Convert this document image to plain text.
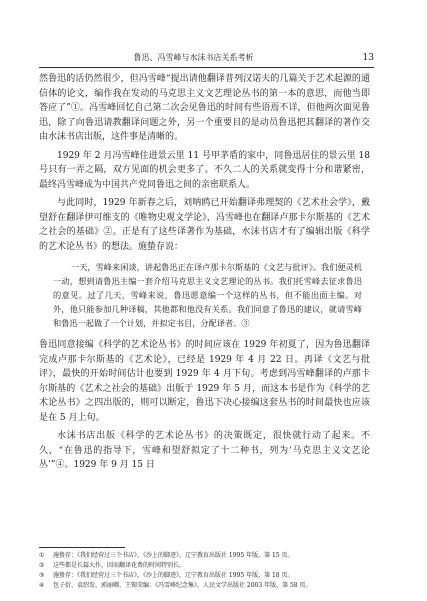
鲁迅、冯雪峰与水沫书店关系考析	13

然鲁迅的话仍然很少，但冯雪峰“提出请他翻译普列汉诺夫的几篇关于艺术起源的通信体的论文，编作我在发动的马克思主义文艺理论丛书的第一本的意思，而他当即答应了”①。冯雪峰回忆自己第二次会见鲁迅的时间有些语焉不详，但他两次面见鲁迅，除了向鲁迅请教翻译问题之外，另一个重要目的是动员鲁迅把其翻译的著作交由水沫书店出版，这件事是清晰的。

1929 年 2 月冯雪峰住进景云里 11 号甲茅盾的家中，同鲁迅居住的景云里 18 号只有一弄之隔，双方见面的机会更多了。不久二人的关系就变得十分和谐紧密，最终冯雪峰成为中国共产党同鲁迅之间的亲密联系人。

与此同时，1929 年新春之后，刘呐鸥已开始翻译弗理契的《艺术社会学》，戴望舒在翻译伊可维支的《唯物史观文学论》，冯雪峰也在翻译卢那卡尔斯基的《艺术之社会的基础》②。正是有了这些译著作为基础，水沫书店才有了编辑出版《科学的艺术论丛书》的想法。施蛰存说：

一天，雪峰来闲谈，讲起鲁迅正在译卢那卡尔斯基的《文艺与批评》。我们便灵机一动，想到请鲁迅主编一套介绍马克思主义文艺理论的丛书。我们托雪峰去征求鲁迅的意见。过了几天，雪峰来说，鲁迅愿意编一个这样的丛书，但不能出面主编。对外，他只能参加几种译稿，其他都和他没有关系。我们同意了鲁迅的建议，就请雪峰和鲁迅一起做了一个计划，并拟定书目，分配译者。③

鲁迅同意接编《科学的艺术论丛书》的时间应该在 1929 年初夏了，因为鲁迅翻译完成卢那卡尔斯基的《艺术论》，已经是 1929 年 4 月 22 日。再译《文艺与批评》，最快的开始时间估计也要到 1929 年 4 月下旬。考虑到冯雪峰翻译的卢那卡尔斯基的《艺术之社会的基础》出版于 1929 年 5 月，而这本书是作为《科学的艺术论丛书》之四出版的，则可以断定，鲁迅下决心接编这套丛书的时间最快也应该是在 5 月上旬。

水沫书店出版《科学的艺术论丛书》的决策既定，很快就行动了起来。不久，“在鲁迅的指导下，雪峰和望舒拟定了十二种书，列为‘马克思主义文艺论丛’”④。1929 年 9 月 15 日

① 施蛰存：《我们经营过三个书店》，《沙上的脚迹》，辽宁教育出版社 1995 年版，第 15 页。

② 这些都是长篇大作，因而翻译花费的时间特别长。

③ 施蛰存：《我们经营过三个书店》，《沙上的脚迹》，辽宁教育出版社 1995 年版，第 18 页。

④ 包子衍、袁绍发、郭丽卿、王锡荣编：《冯雪峰纪念集》，人民文学出版社 2003 年版，第 58 页。
